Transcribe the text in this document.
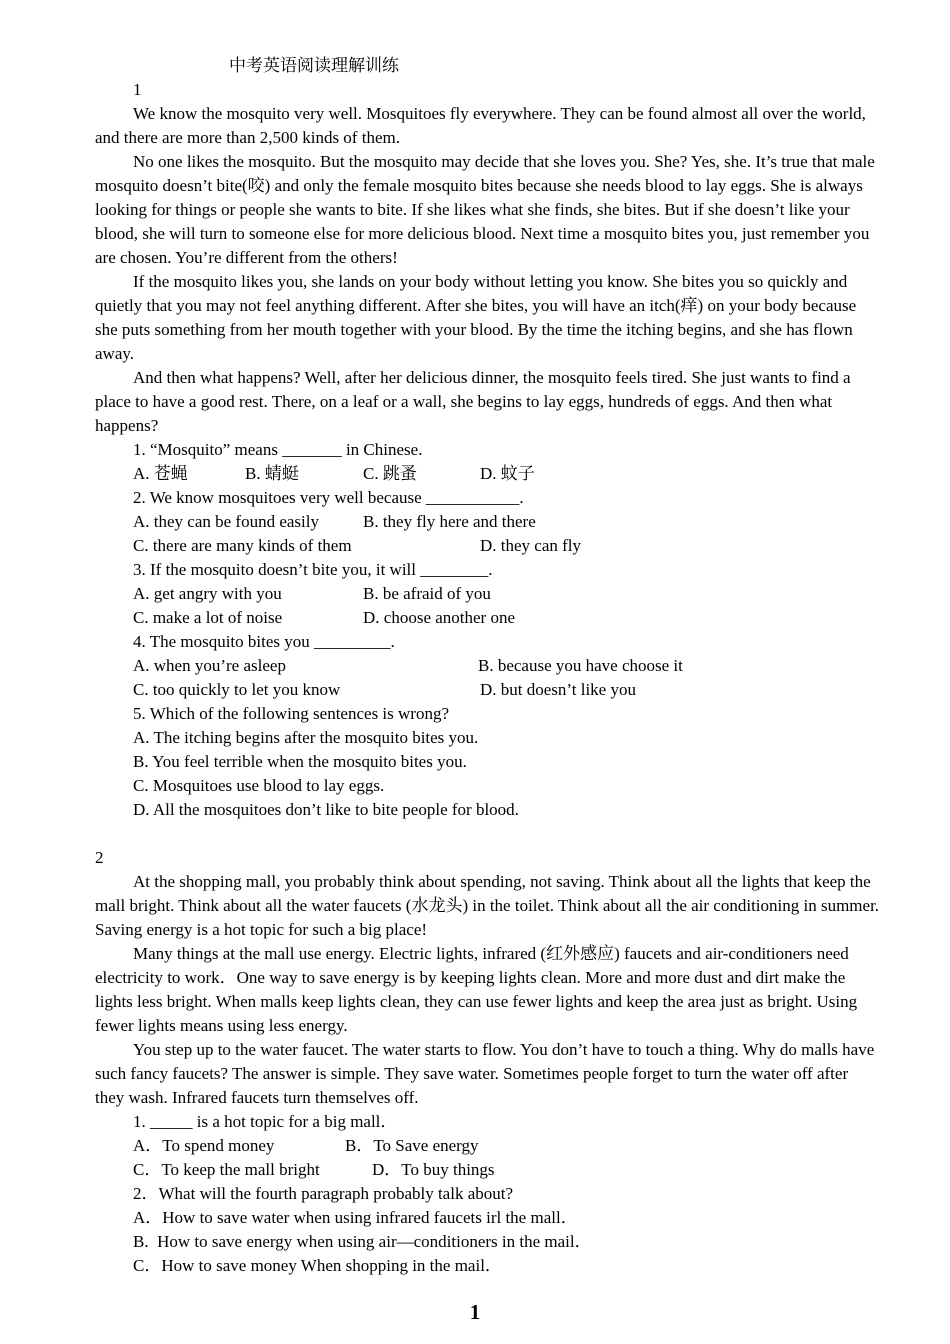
中考英语阅读理解训练
1
We know the mosquito very well. Mosquitoes fly everywhere. They can be found almost all over the world, and there are more than 2,500 kinds of them.
No one likes the mosquito. But the mosquito may decide that she loves you. She? Yes, she. It’s true that male mosquito doesn’t bite(咬) and only the female mosquito bites because she needs blood to lay eggs. She is always looking for things or people she wants to bite. If she likes what she finds, she bites. But if she doesn’t like your blood, she will turn to someone else for more delicious blood. Next time a mosquito bites you, just remember you are chosen. You’re different from the others!
If the mosquito likes you, she lands on your body without letting you know. She bites you so quickly and quietly that you may not feel anything different. After she bites, you will have an itch(痒) on your body because she puts something from her mouth together with your blood. By the time the itching begins, and she has flown away.
And then what happens? Well, after her delicious dinner, the mosquito feels tired. She just wants to find a place to have a good rest. There, on a leaf or a wall, she begins to lay eggs, hundreds of eggs. And then what happens?
1. “Mosquito” means _______ in Chinese.
A. 苍蝇	B. 蜻蜓	C. 跳蚤	D. 蚊子
2. We know mosquitoes very well because ___________.
A. they can be found easily	B. they fly here and there
C. there are many kinds of them	D. they can fly
3. If the mosquito doesn’t bite you, it will ________.
A. get angry with you	B. be afraid of you
C. make a lot of noise	D. choose another one
4. The mosquito bites you _________.
A. when you’re asleep	B. because you have choose it
C. too quickly to let you know	D. but doesn’t like you
5. Which of the following sentences is wrong?
A. The itching begins after the mosquito bites you.
B. You feel terrible when the mosquito bites you.
C. Mosquitoes use blood to lay eggs.
D. All the mosquitoes don’t like to bite people for blood.
2
At the shopping mall, you probably think about spending, not saving. Think about all the lights that keep the mall bright. Think about all the water faucets (水龙头) in the toilet. Think about all the air conditioning in summer. Saving energy is a hot topic for such a big place!
Many things at the mall use energy. Electric lights, infrared (红外感应) faucets and air-conditioners need electricity to work．One way to save energy is by keeping lights clean. More and more dust and dirt make the lights less bright. When malls keep lights clean, they can use fewer lights and keep the area just as bright. Using fewer lights means using less energy.
You step up to the water faucet. The water starts to flow. You don’t have to touch a thing. Why do malls have such fancy faucets? The answer is simple. They save water. Sometimes people forget to turn the water off after they wash. Infrared faucets turn themselves off.
1. _____ is a hot topic for a big mall．
A．To spend money	B．To Save energy
C．To keep the mall bright	D．To buy things
2．What will the fourth paragraph probably talk about?
A．How to save water when using infrared faucets irl the mall．
B.  How to save energy when using air—conditioners in the mail．
C．How to save money When shopping in the mail．
1
